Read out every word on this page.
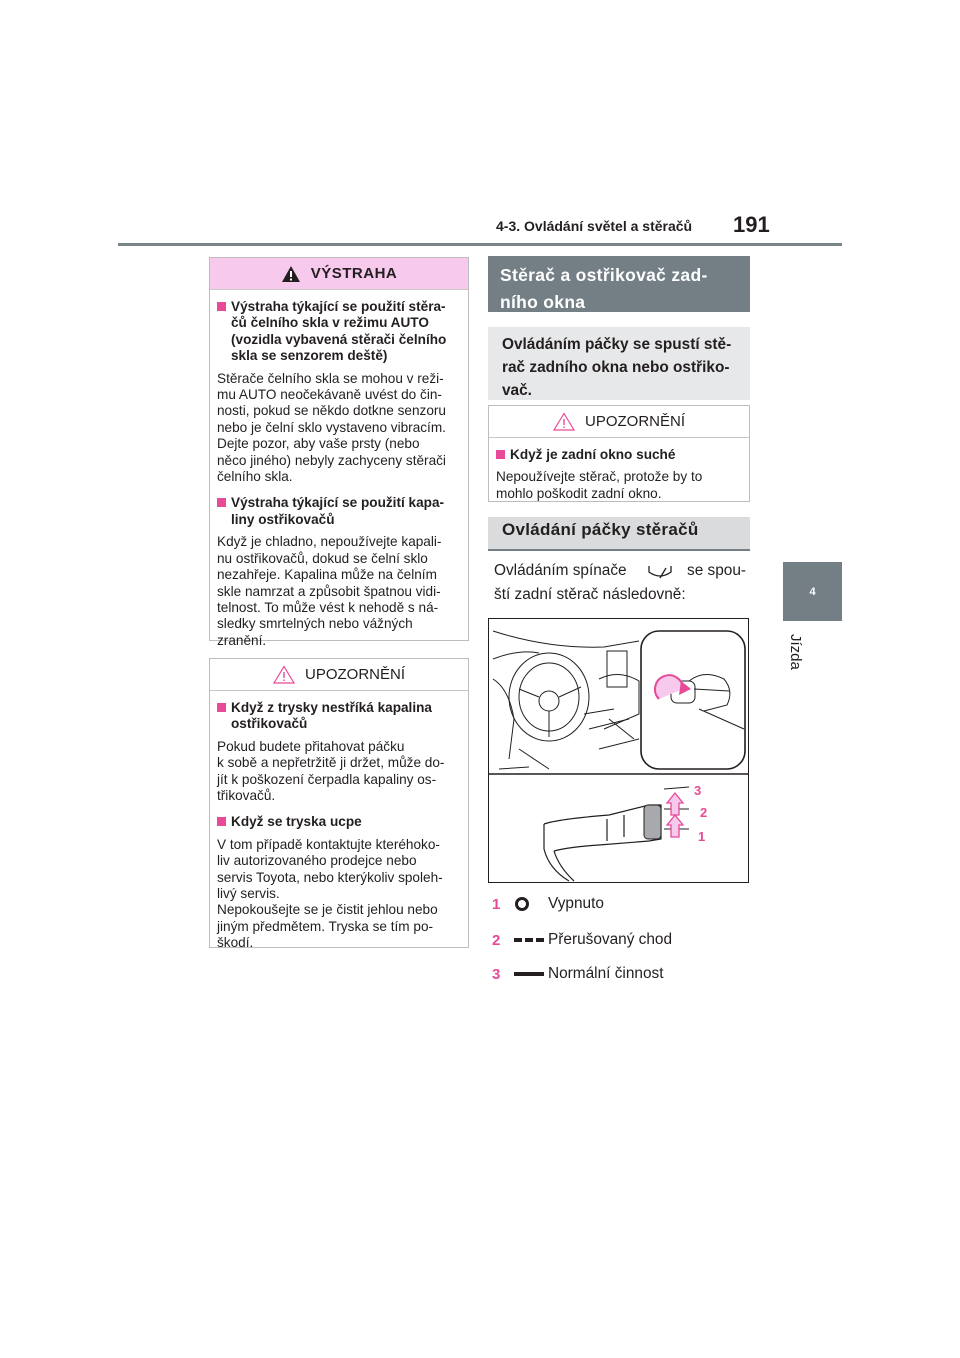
4-3. Ovládání světel a stěračů 191
4
Jízda
VÝSTRAHA
Výstraha týkající se použití stěra-
čů čelního skla v režimu AUTO
(vozidla vybavená stěrači čelního
skla se senzorem deště)
Stěrače čelního skla se mohou v reži-
mu AUTO neočekávaně uvést do čin-
nosti, pokud se někdo dotkne senzoru
nebo je čelní sklo vystaveno vibracím.
Dejte pozor, aby vaše prsty (nebo
něco jiného) nebyly zachyceny stěrači
čelního skla.
Výstraha týkající se použití kapa-
liny ostřikovačů
Když je chladno, nepoužívejte kapali-
nu ostřikovačů, dokud se čelní sklo
nezahřeje. Kapalina může na čelním
skle namrzat a způsobit špatnou vidi-
telnost. To může vést k nehodě s ná-
sledky smrtelných nebo vážných
zranění.
UPOZORNĚNÍ
Když z trysky nestříká kapalina
ostřikovačů
Pokud budete přitahovat páčku
k sobě a nepřetržitě ji držet, může do-
jít k poškození čerpadla kapaliny os-
třikovačů.
Když se tryska ucpe
V tom případě kontaktujte kteréhoko-
liv autorizovaného prodejce nebo
servis Toyota, nebo kterýkoliv spoleh-
livý servis.
Nepokoušejte se je čistit jehlou nebo
jiným předmětem. Tryska se tím po-
škodí.
Stěrač a ostřikovač zad-
ního okna
Ovládáním páčky se spustí stě-
rač zadního okna nebo ostřiko-
vač.
UPOZORNĚNÍ
Když je zadní okno suché
Nepoužívejte stěrač, protože by to
mohlo poškodit zadní okno.
Ovládání páčky stěračů
Ovládáním spínače	se spou-
ští zadní stěrač následovně:
3
2
1
1	Vypnuto
2	Přerušovaný chod
3	Normální činnost
